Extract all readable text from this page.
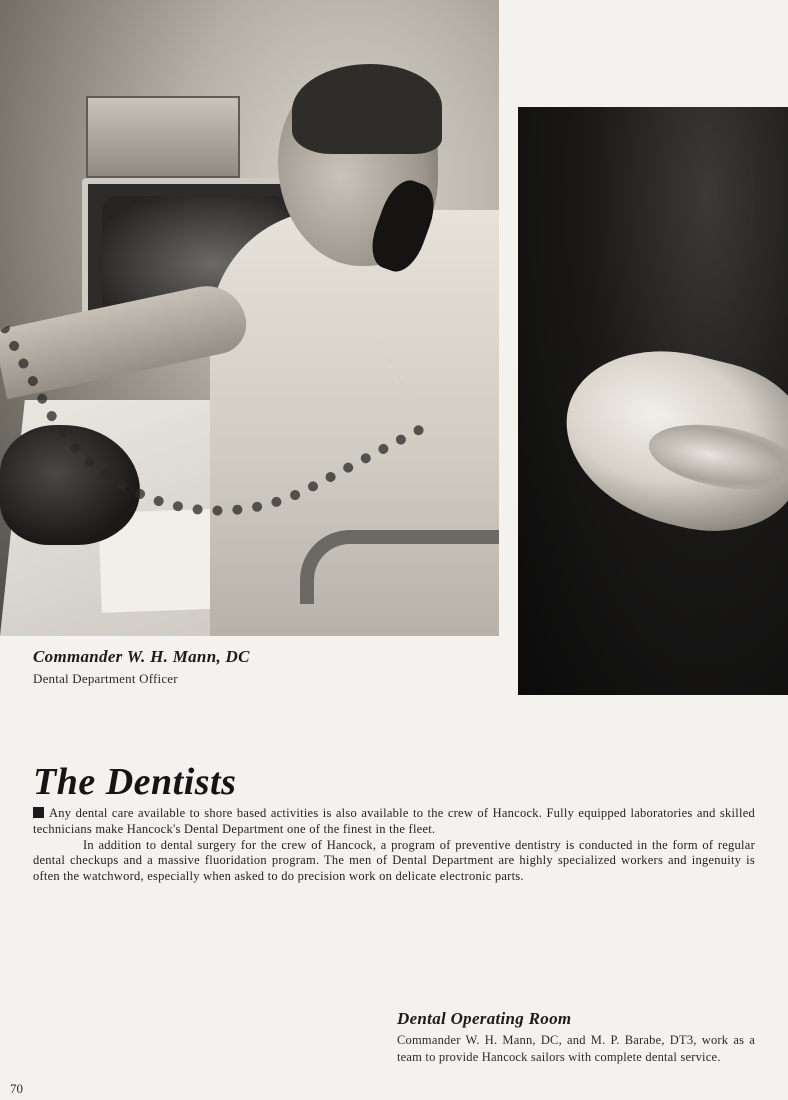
Commander W. H. Mann, DC
Dental Department Officer
The Dentists

Any dental care available to shore based activities is also available to the crew of Hancock. Fully equipped laboratories and skilled technicians make Hancock's Dental Department one of the finest in the fleet.

In addition to dental surgery for the crew of Hancock, a program of preventive dentistry is conducted in the form of regular dental checkups and a massive fluoridation program. The men of Dental Department are highly specialized workers and ingenuity is often the watchword, especially when asked to do precision work on delicate electronic parts.

Dental Operating Room
Commander W. H. Mann, DC, and M. P. Barabe, DT3, work as a team to provide Hancock sailors with complete dental service.
70
